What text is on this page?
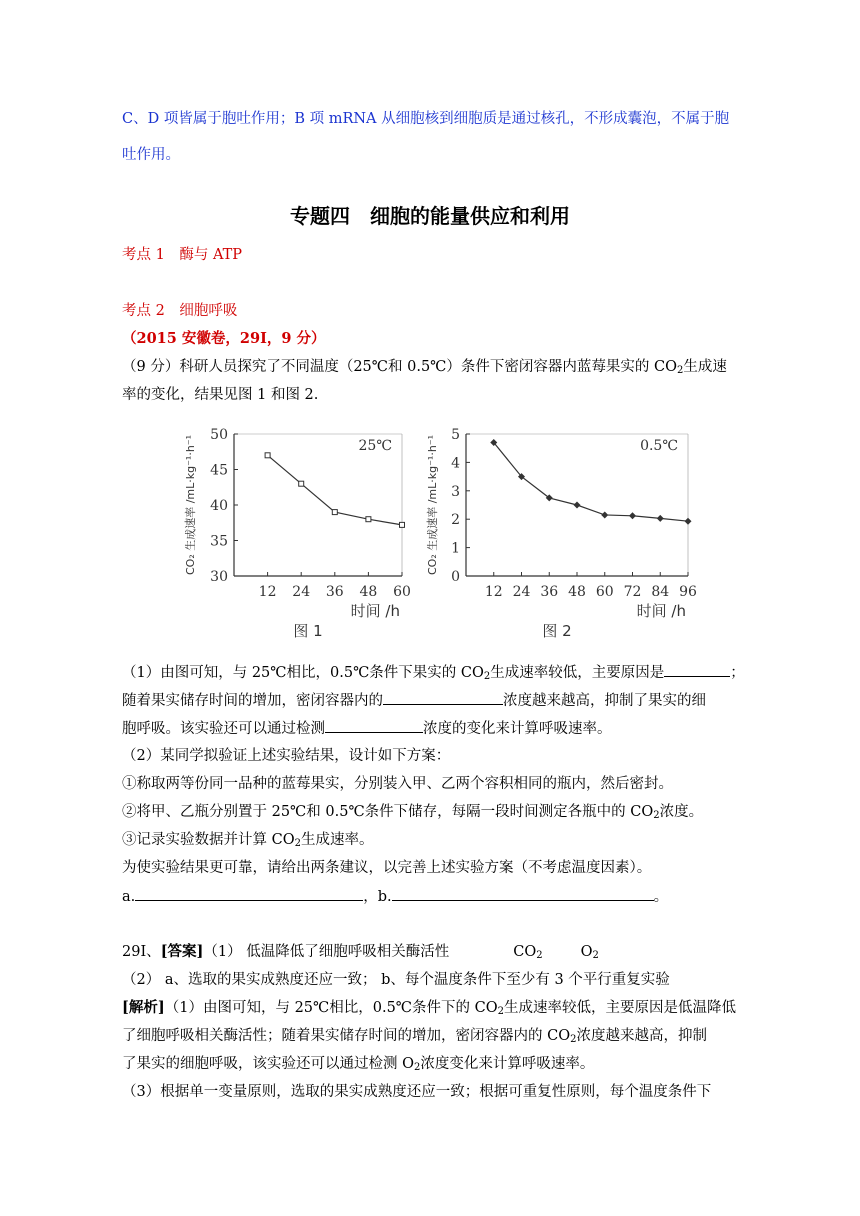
C、D 项皆属于胞吐作用；B 项 mRNA 从细胞核到细胞质是通过核孔，不形成囊泡，不属于胞
吐作用。
专题四　细胞的能量供应和利用
考点 1　酶与 ATP
考点 2　细胞呼吸
（2015 安徽卷，29Ⅰ，9 分）
（9 分）科研人员探究了不同温度（25℃和 0.5℃）条件下密闭容器内蓝莓果实的 $CO_2$生成速
率的变化，结果见图 1 和图 2.
30
35
40
45
50
12 24 36 48 60
CO₂ 生成速率 /mL·kg⁻¹·h⁻¹
时间 /h
图 1
25℃
0
1
2
3
4
5
12 24 36 48 60 72 84 96
CO₂ 生成速率 /mL·kg⁻¹·h⁻¹
时间 /h
图 2
0.5℃
（1）由图可知，与 25℃相比，0.5℃条件下果实的 $CO_2$生成速率较低，主要原因是	；
随着果实储存时间的增加，密闭容器内的	浓度越来越高，抑制了果实的细
胞呼吸。该实验还可以通过检测	浓度的变化来计算呼吸速率。
（2）某同学拟验证上述实验结果，设计如下方案：
①称取两等份同一品种的蓝莓果实，分别装入甲、乙两个容积相同的瓶内，然后密封。
②将甲、乙瓶分别置于 25℃和 0.5℃条件下储存，每隔一段时间测定各瓶中的 $CO_2$浓度。
③记录实验数据并计算 $CO_2$生成速率。
为使实验结果更可靠，请给出两条建议，以完善上述实验方案（不考虑温度因素）。
a.	，b.	。
29Ⅰ、[答案]（1） 低温降低了细胞呼吸相关酶活性	$CO_2$	$O_2$
（2） a、选取的果实成熟度还应一致； b、每个温度条件下至少有 3 个平行重复实验
[解析]（1）由图可知，与 25℃相比，0.5℃条件下的 $CO_2$生成速率较低，主要原因是低温降低
了细胞呼吸相关酶活性；随着果实储存时间的增加，密闭容器内的 $CO_2$浓度越来越高，抑制
了果实的细胞呼吸，该实验还可以通过检测 $O_2$浓度变化来计算呼吸速率。
（3）根据单一变量原则，选取的果实成熟度还应一致；根据可重复性原则，每个温度条件下
